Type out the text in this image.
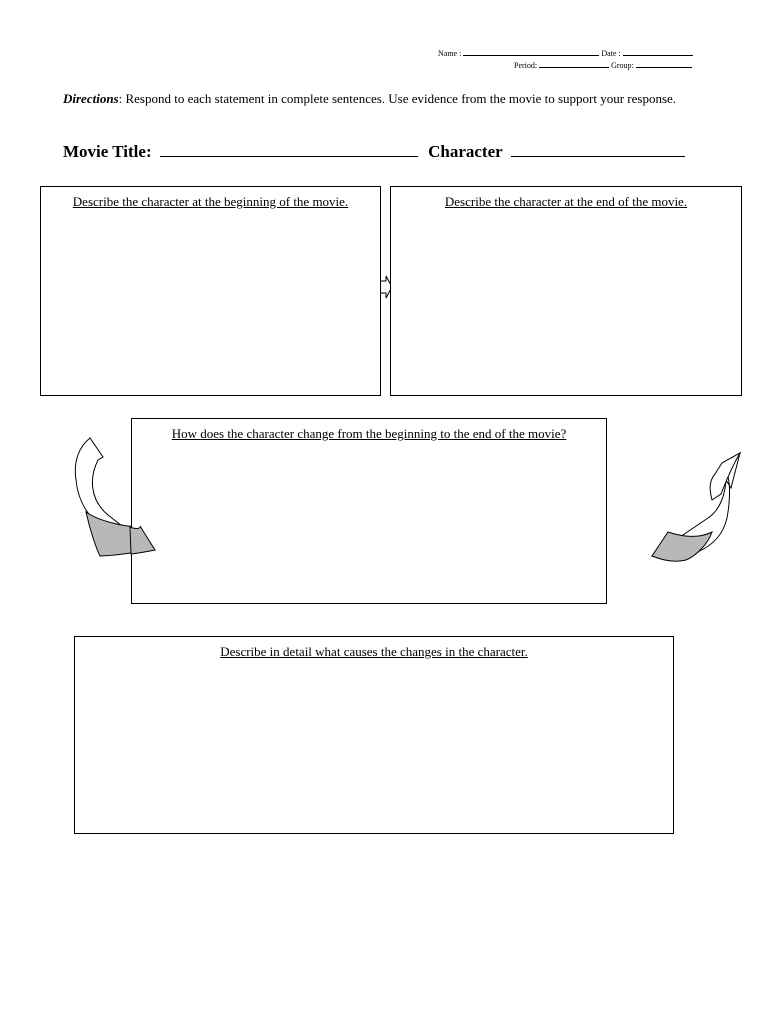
Name :	Date :
Period:	Group:
Directions: Respond to each statement in complete sentences. Use evidence from the movie to support your response.
Movie Title:	Character
Describe the character at the beginning of the movie.	Describe the character at the end of the movie.
How does the character change from the beginning to the end of the movie?
Describe in detail what causes the changes in the character.
